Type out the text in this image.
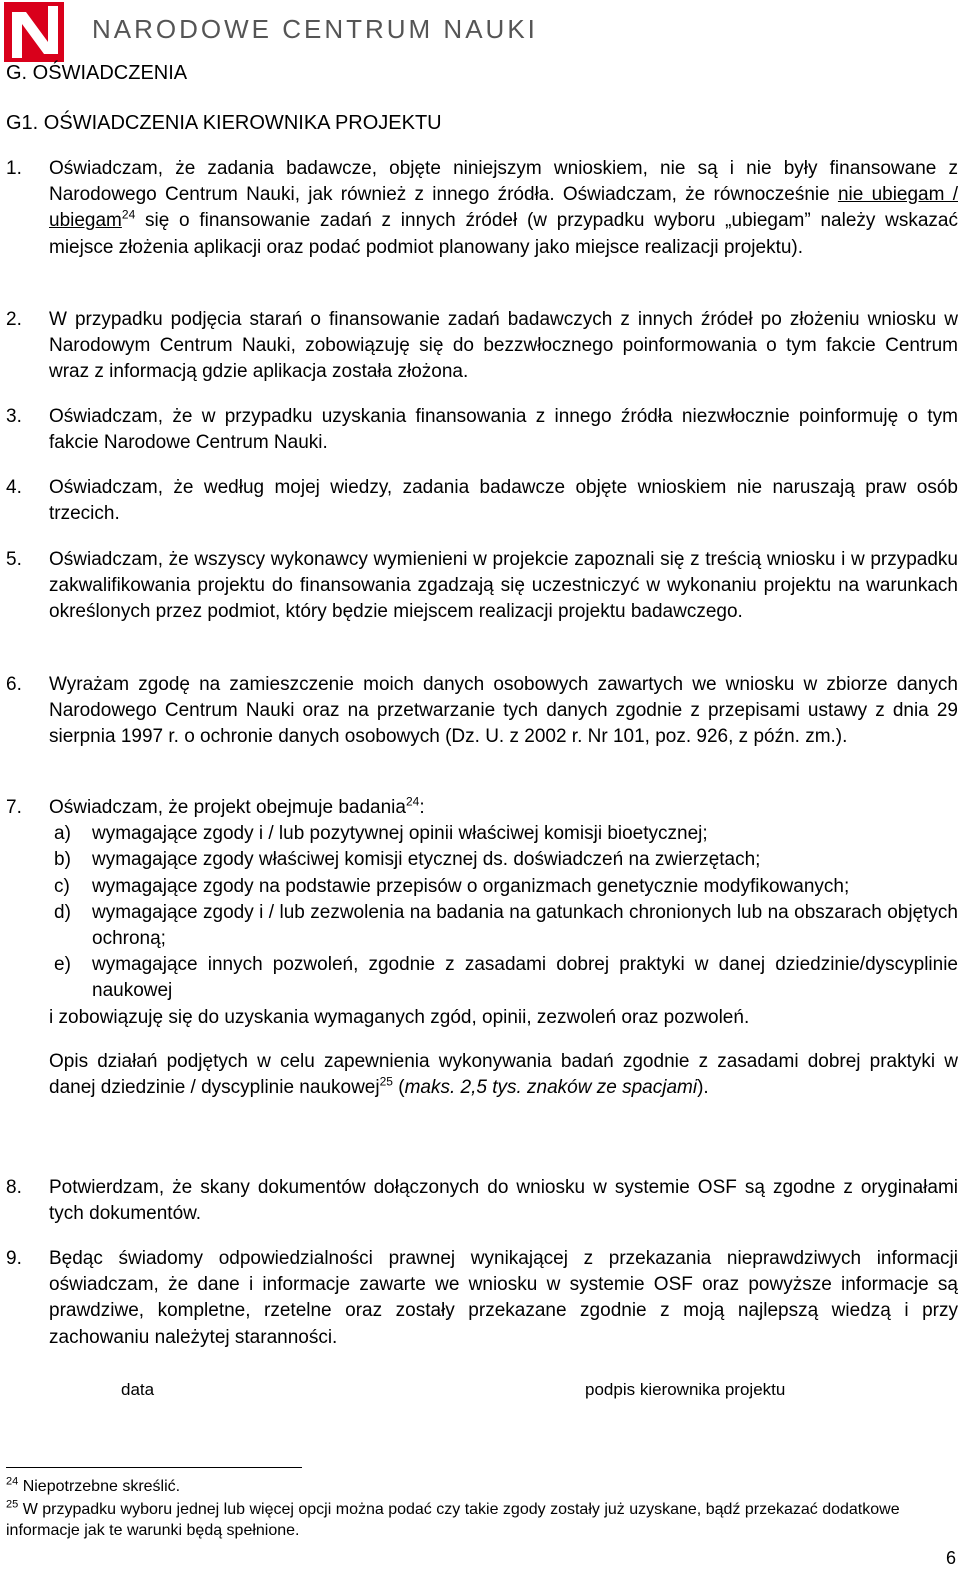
NARODOWE CENTRUM NAUKI
G. OŚWIADCZENIA
G1. OŚWIADCZENIA KIEROWNIKA PROJEKTU
1. Oświadczam, że zadania badawcze, objęte niniejszym wnioskiem, nie są i nie były finansowane z Narodowego Centrum Nauki, jak również z innego źródła. Oświadczam, że równocześnie nie ubiegam / ubiegam$^{24}$ się o finansowanie zadań z innych źródeł (w przypadku wyboru „ubiegam” należy wskazać miejsce złożenia aplikacji oraz podać podmiot planowany jako miejsce realizacji projektu).
2. W przypadku podjęcia starań o finansowanie zadań badawczych z innych źródeł po złożeniu wniosku w Narodowym Centrum Nauki, zobowiązuję się do bezzwłocznego poinformowania o tym fakcie Centrum wraz z informacją gdzie aplikacja została złożona.
3. Oświadczam, że w przypadku uzyskania finansowania z innego źródła niezwłocznie poinformuję o tym fakcie Narodowe Centrum Nauki.
4. Oświadczam, że według mojej wiedzy, zadania badawcze objęte wnioskiem nie naruszają praw osób trzecich.
5. Oświadczam, że wszyscy wykonawcy wymienieni w projekcie zapoznali się z treścią wniosku i w przypadku zakwalifikowania projektu do finansowania zgadzają się uczestniczyć w wykonaniu projektu na warunkach określonych przez podmiot, który będzie miejscem realizacji projektu badawczego.
6. Wyrażam zgodę na zamieszczenie moich danych osobowych zawartych we wniosku w zbiorze danych Narodowego Centrum Nauki oraz na przetwarzanie tych danych zgodnie z przepisami ustawy z dnia 29 sierpnia 1997 r. o ochronie danych osobowych (Dz. U. z 2002 r. Nr 101, poz. 926, z późn. zm.).
7. Oświadczam, że projekt obejmuje badania$^{24}$:
a) wymagające zgody i / lub pozytywnej opinii właściwej komisji bioetycznej;
b) wymagające zgody właściwej komisji etycznej ds. doświadczeń na zwierzętach;
c) wymagające zgody na podstawie przepisów o organizmach genetycznie modyfikowanych;
d) wymagające zgody i / lub zezwolenia na badania na gatunkach chronionych lub na obszarach objętych ochroną;
e) wymagające innych pozwoleń, zgodnie z zasadami dobrej praktyki w danej dziedzinie/dyscyplinie naukowej
i zobowiązuję się do uzyskania wymaganych zgód, opinii, zezwoleń oraz pozwoleń.
Opis działań podjętych w celu zapewnienia wykonywania badań zgodnie z zasadami dobrej praktyki w danej dziedzinie / dyscyplinie naukowej$^{25}$ (maks. 2,5 tys. znaków ze spacjami).
8. Potwierdzam, że skany dokumentów dołączonych do wniosku w systemie OSF są zgodne z oryginałami tych dokumentów.
9. Będąc świadomy odpowiedzialności prawnej wynikającej z przekazania nieprawdziwych informacji oświadczam, że dane i informacje zawarte we wniosku w systemie OSF oraz powyższe informacje są prawdziwe, kompletne, rzetelne oraz zostały przekazane zgodnie z moją najlepszą wiedzą i przy zachowaniu należytej staranności.
data	podpis kierownika projektu
$^{24}$ Niepotrzebne skreślić.
$^{25}$ W przypadku wyboru jednej lub więcej opcji można podać czy takie zgody zostały już uzyskane, bądź przekazać dodatkowe informacje jak te warunki będą spełnione.
6
